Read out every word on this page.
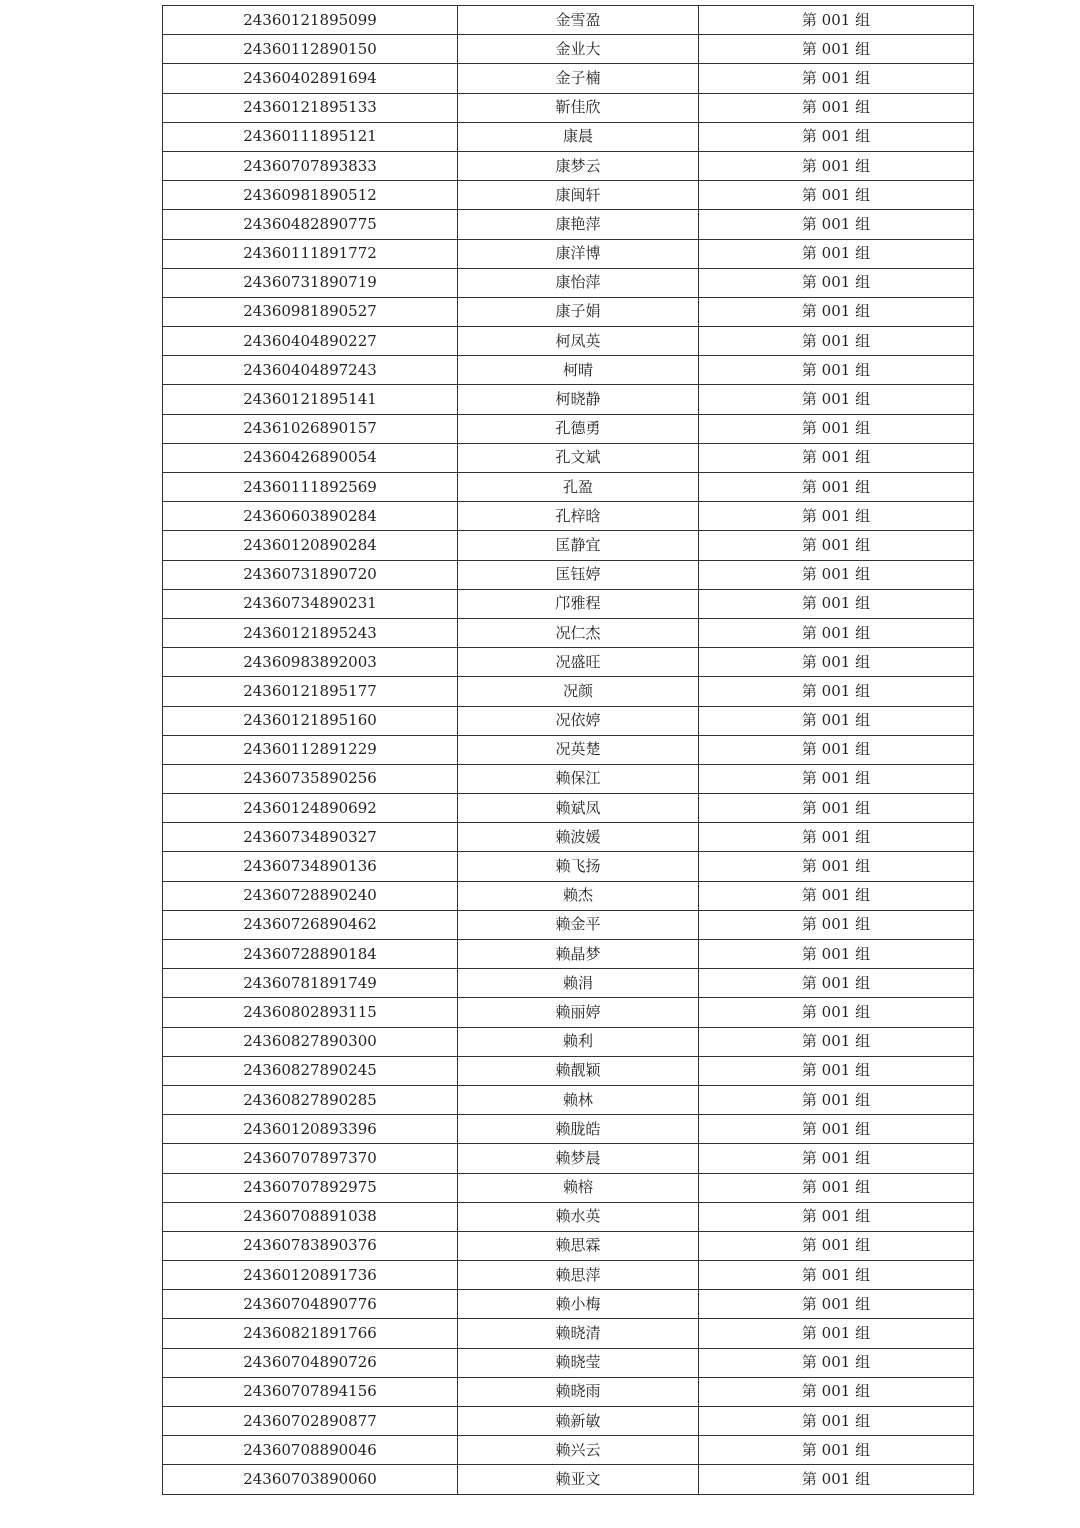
24360121895099	金雪盈	第 001 组
24360112890150	金业大	第 001 组
24360402891694	金子楠	第 001 组
24360121895133	靳佳欣	第 001 组
24360111895121	康晨	第 001 组
24360707893833	康梦云	第 001 组
24360981890512	康闽轩	第 001 组
24360482890775	康艳萍	第 001 组
24360111891772	康洋博	第 001 组
24360731890719	康怡萍	第 001 组
24360981890527	康子娟	第 001 组
24360404890227	柯凤英	第 001 组
24360404897243	柯晴	第 001 组
24360121895141	柯晓静	第 001 组
24361026890157	孔德勇	第 001 组
24360426890054	孔文斌	第 001 组
24360111892569	孔盈	第 001 组
24360603890284	孔梓晗	第 001 组
24360120890284	匡静宜	第 001 组
24360731890720	匡钰婷	第 001 组
24360734890231	邝雅程	第 001 组
24360121895243	况仁杰	第 001 组
24360983892003	况盛旺	第 001 组
24360121895177	况颜	第 001 组
24360121895160	况依婷	第 001 组
24360112891229	况英楚	第 001 组
24360735890256	赖保江	第 001 组
24360124890692	赖斌凤	第 001 组
24360734890327	赖波媛	第 001 组
24360734890136	赖飞扬	第 001 组
24360728890240	赖杰	第 001 组
24360726890462	赖金平	第 001 组
24360728890184	赖晶梦	第 001 组
24360781891749	赖涓	第 001 组
24360802893115	赖丽婷	第 001 组
24360827890300	赖利	第 001 组
24360827890245	赖靓颖	第 001 组
24360827890285	赖林	第 001 组
24360120893396	赖胧皓	第 001 组
24360707897370	赖梦晨	第 001 组
24360707892975	赖榕	第 001 组
24360708891038	赖水英	第 001 组
24360783890376	赖思霖	第 001 组
24360120891736	赖思萍	第 001 组
24360704890776	赖小梅	第 001 组
24360821891766	赖晓清	第 001 组
24360704890726	赖晓莹	第 001 组
24360707894156	赖晓雨	第 001 组
24360702890877	赖新敏	第 001 组
24360708890046	赖兴云	第 001 组
24360703890060	赖亚文	第 001 组
